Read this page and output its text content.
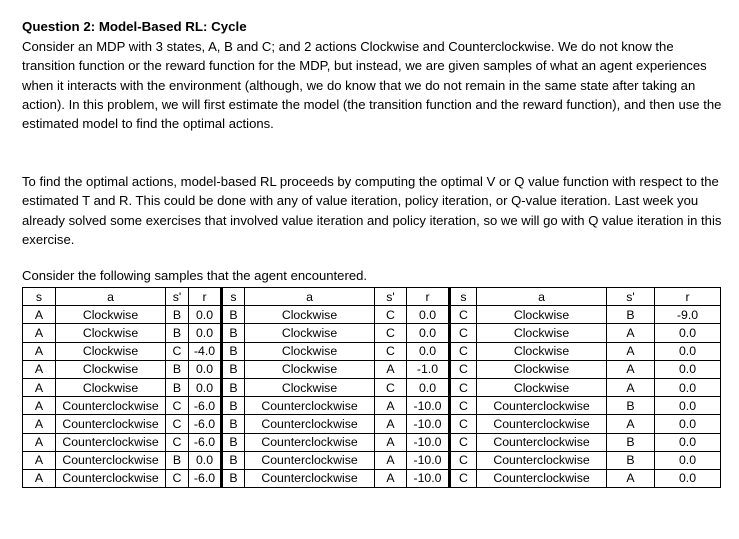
Question 2: Model-Based RL: Cycle
Consider an MDP with 3 states, A, B and C; and 2 actions Clockwise and Counterclockwise. We do not know the transition function or the reward function for the MDP, but instead, we are given samples of what an agent experiences when it interacts with the environment (although, we do know that we do not remain in the same state after taking an action). In this problem, we will first estimate the model (the transition function and the reward function), and then use the estimated model to find the optimal actions.
To find the optimal actions, model-based RL proceeds by computing the optimal V or Q value function with respect to the estimated T and R. This could be done with any of value iteration, policy iteration, or Q-value iteration. Last week you already solved some exercises that involved value iteration and policy iteration, so we will go with Q value iteration in this exercise.
Consider the following samples that the agent encountered.
s	a	s'	r	s	a	s'	r	s	a	s'	r
A	Clockwise	B	0.0	B	Clockwise	C	0.0	C	Clockwise	B	-9.0
A	Clockwise	B	0.0	B	Clockwise	C	0.0	C	Clockwise	A	0.0
A	Clockwise	C	-4.0	B	Clockwise	C	0.0	C	Clockwise	A	0.0
A	Clockwise	B	0.0	B	Clockwise	A	-1.0	C	Clockwise	A	0.0
A	Clockwise	B	0.0	B	Clockwise	C	0.0	C	Clockwise	A	0.0
A	Counterclockwise	C	-6.0	B	Counterclockwise	A	-10.0	C	Counterclockwise	B	0.0
A	Counterclockwise	C	-6.0	B	Counterclockwise	A	-10.0	C	Counterclockwise	A	0.0
A	Counterclockwise	C	-6.0	B	Counterclockwise	A	-10.0	C	Counterclockwise	B	0.0
A	Counterclockwise	B	0.0	B	Counterclockwise	A	-10.0	C	Counterclockwise	B	0.0
A	Counterclockwise	C	-6.0	B	Counterclockwise	A	-10.0	C	Counterclockwise	A	0.0
